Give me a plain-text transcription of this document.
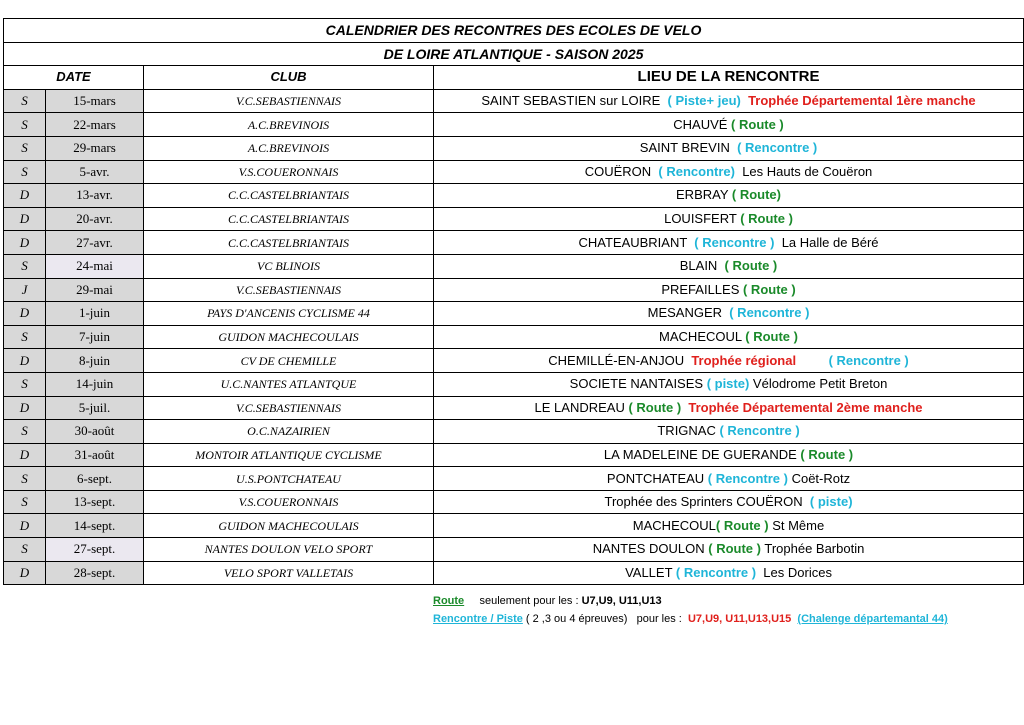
CALENDRIER DES RECONTRES DES ECOLES DE VELO			
DE LOIRE ATLANTIQUE - SAISON 2025			
DATE		CLUB	LIEU DE LA RENCONTRE
S	15-mars	V.C.SEBASTIENNAIS	SAINT SEBASTIEN sur LOIRE  ( Piste+ jeu)  Trophée Départemental 1ère manche
S	22-mars	A.C.BREVINOIS	CHAUVÉ ( Route )
S	29-mars	A.C.BREVINOIS	SAINT BREVIN  ( Rencontre )
S	5-avr.	V.S.COUERONNAIS	COUËRON  ( Rencontre)  Les Hauts de Couëron
D	13-avr.	C.C.CASTELBRIANTAIS	ERBRAY ( Route)
D	20-avr.	C.C.CASTELBRIANTAIS	LOUISFERT ( Route )
D	27-avr.	C.C.CASTELBRIANTAIS	CHATEAUBRIANT  ( Rencontre )  La Halle de Béré
S	24-mai	VC BLINOIS	BLAIN  ( Route )
J	29-mai	V.C.SEBASTIENNAIS	PREFAILLES ( Route )
D	1-juin	PAYS D'ANCENIS CYCLISME 44	MESANGER  ( Rencontre )
S	7-juin	GUIDON MACHECOULAIS	MACHECOUL ( Route )
D	8-juin	CV DE CHEMILLE	CHEMILLÉ-EN-ANJOU  Trophée régional ( Rencontre )
S	14-juin	U.C.NANTES ATLANTQUE	SOCIETE NANTAISES ( piste) Vélodrome Petit Breton
D	5-juil.	V.C.SEBASTIENNAIS	LE LANDREAU ( Route )  Trophée Départemental 2ème manche
S	30-août	O.C.NAZAIRIEN	TRIGNAC ( Rencontre )
D	31-août	MONTOIR ATLANTIQUE CYCLISME	LA MADELEINE DE GUERANDE ( Route )
S	6-sept.	U.S.PONTCHATEAU	PONTCHATEAU ( Rencontre ) Coët-Rotz
S	13-sept.	V.S.COUERONNAIS	Trophée des Sprinters COUËRON  ( piste)
D	14-sept.	GUIDON MACHECOULAIS	MACHECOUL( Route ) St Même
S	27-sept.	NANTES DOULON VELO SPORT	NANTES DOULON ( Route ) Trophée Barbotin
D	28-sept.	VELO SPORT VALLETAIS	VALLET ( Rencontre )  Les Dorices
Route     seulement pour les : U7,U9, U11,U13
Rencontre / Piste ( 2 ,3 ou 4 épreuves)   pour les :  U7,U9, U11,U13,U15 (Chalenge départemantal 44)
